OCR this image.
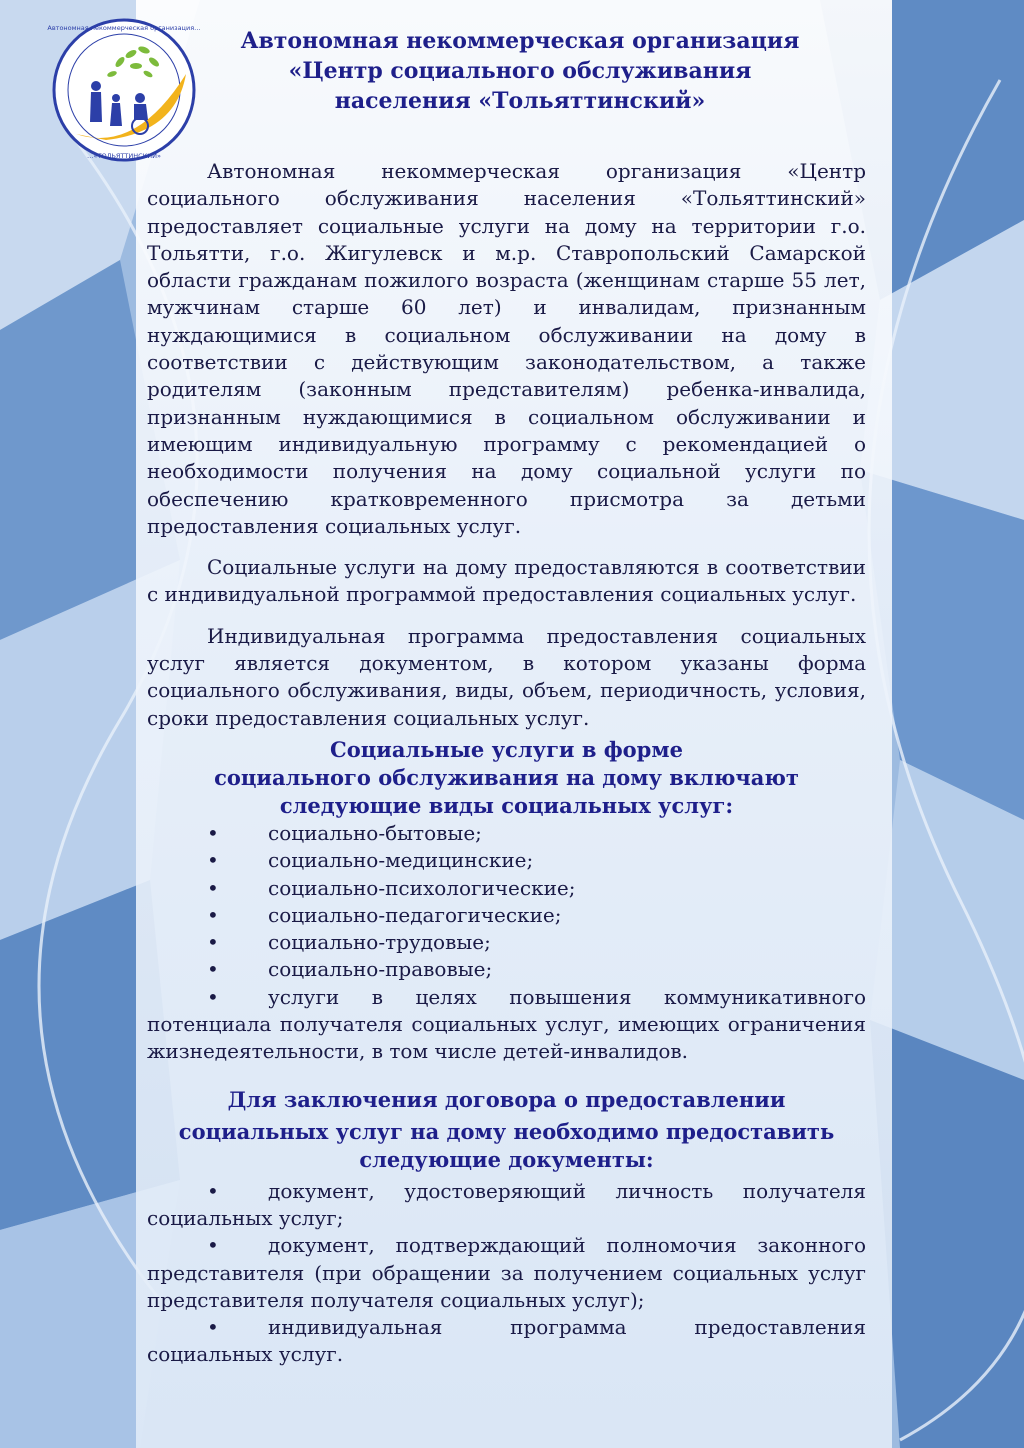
Автономная некоммерческая организация…
…«ТОЛЬЯТТИНСКИЙ»
Автономная некоммерческая организация
«Центр социального обслуживания
населения «Тольяттинский»

Автономная некоммерческая организация «Центр социального обслуживания населения «Тольяттинский» предоставляет социальные услуги на дому на территории г.о. Тольятти, г.о. Жигулевск и м.р. Ставропольский Самарской области гражданам пожилого возраста (женщинам старше 55 лет, мужчинам старше 60 лет) и инвалидам, признанным нуждающимися в социальном обслуживании на дому в соответствии с действующим законодательством, а также родителям (законным представителям) ребенка-инвалида, признанным нуждающимися в социальном обслуживании и имеющим индивидуальную программу с рекомендацией о необходимости получения на дому социальной услуги по обеспечению кратковременного присмотра за детьми предоставления социальных услуг.

Социальные услуги на дому предоставляются в соответствии с индивидуальной программой предоставления социальных услуг.

Индивидуальная программа предоставления социальных услуг является документом, в котором указаны форма социального обслуживания, виды, объем, периодичность, условия, сроки предоставления социальных услуг.

Социальные услуги в форме

социального обслуживания на дому включают

следующие виды социальных услуг:

• социально-бытовые;

• социально-медицинские;

• социально-психологические;

• социально-педагогические;

• социально-трудовые;

• социально-правовые;

• услуги в целях повышения коммуникативного потенциала получателя социальных услуг, имеющих ограничения жизнедеятельности, в том числе детей-инвалидов.

Для заключения договора о предоставлении

социальных услуг на дому необходимо предоставить

следующие документы:

• документ, удостоверяющий личность получателя социальных услуг;

• документ, подтверждающий полномочия законного представителя (при обращении за получением социальных услуг представителя получателя социальных услуг);

• индивидуальная программа предоставления социальных услуг.
